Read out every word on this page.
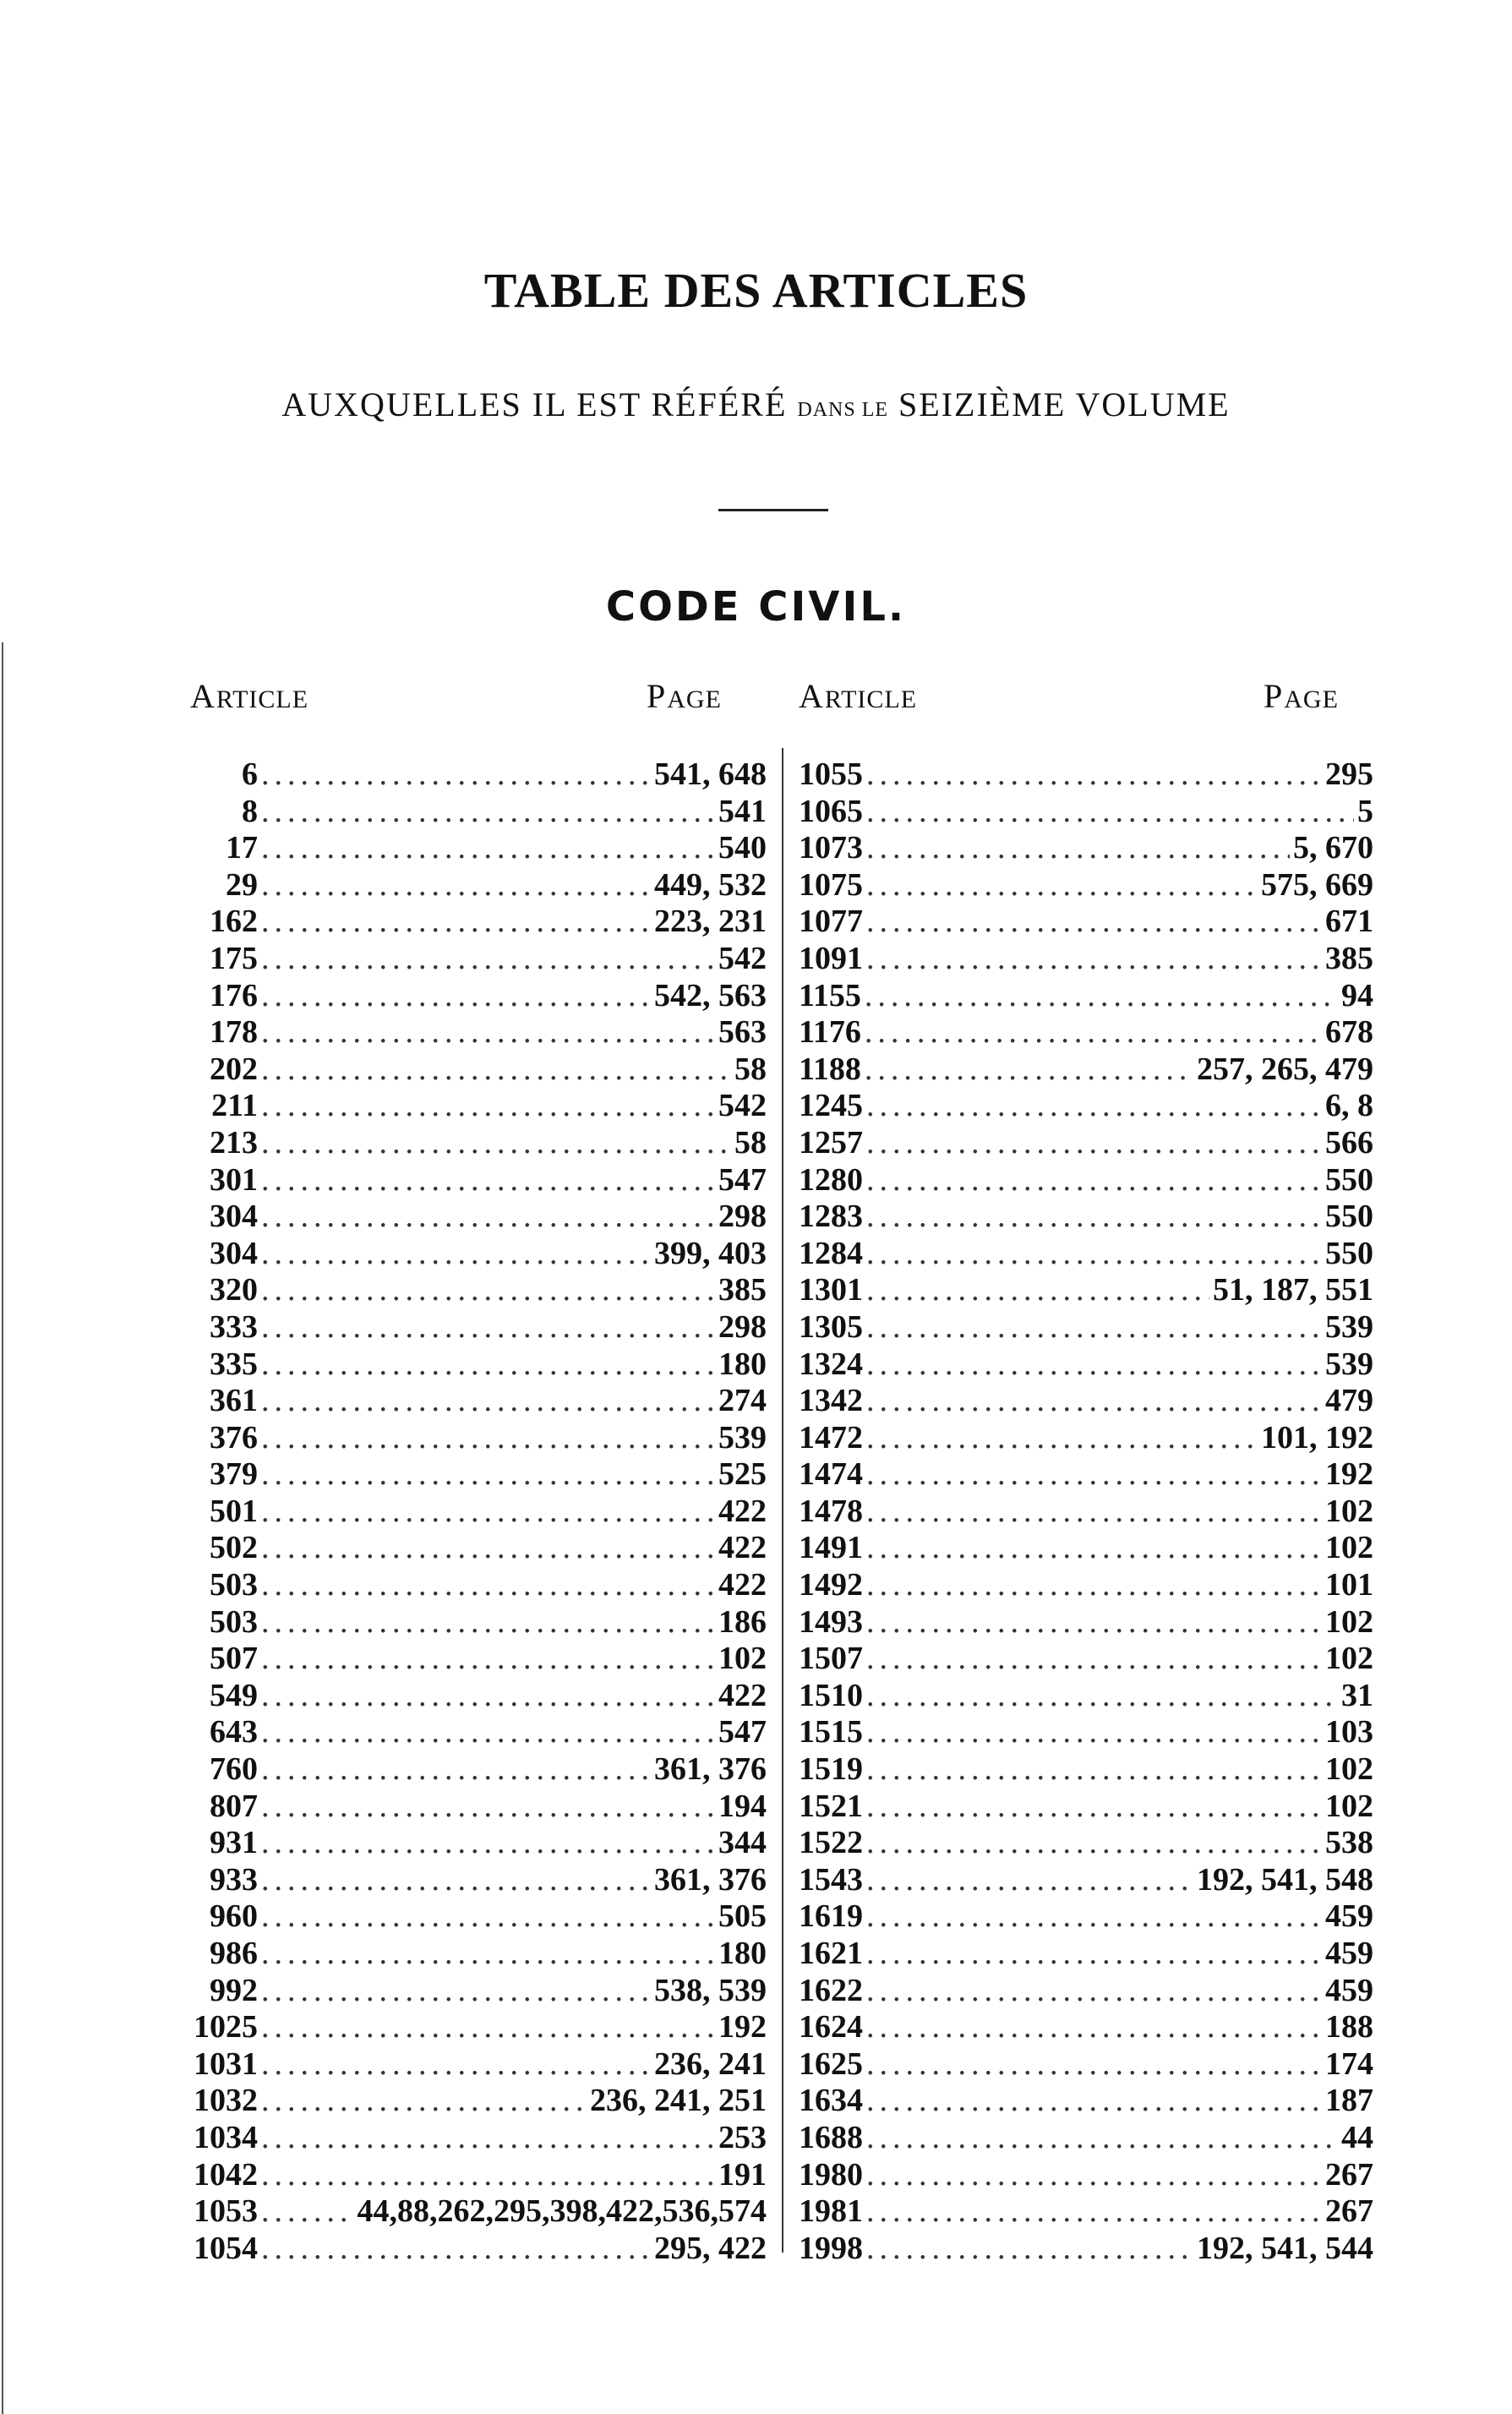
TABLE DES ARTICLES
AUXQUELLES IL EST RÉFÉRÉ DANS LE SEIZIÈME VOLUME
CODE CIVIL.
ARTICLE	PAGE ARTICLE	PAGE
6 .....	541, 648
8 .....	541
17 .....	540
29 .....	449, 532
162 .....	223, 231
175 .....	542
176 .....	542, 563
178 .....	563
202 .....	58
211 .....	542
213 .....	58
301 .....	547
304 .....	298
304 .....	399, 403
320 .....	385
333 .....	298
335 .....	180
361 .....	274
376 .....	539
379 .....	525
501 .....	422
502 .....	422
503 .....	422
503 .....	186
507 .....	102
549 .....	422
643 .....	547
760 .....	361, 376
807 .....	194
931 .....	344
933 .....	361, 376
960 .....	505
986 .....	180
992 .....	538, 539
1025 .....	192
1031 .....	236, 241
1032 .....	236, 241, 251
1034 .....	253
1042 .....	191
1053 .....	44,88,262,295,398,422,536,574
1054 .....	295, 422
1055 .....	295
1065 .....	5
1073 .....	5, 670
1075 .....	575, 669
1077 .....	671
1091 .....	385
1155 .....	94
1176 .....	678
1188 .....	257, 265, 479
1245 .....	6, 8
1257 .....	566
1280 .....	550
1283 .....	550
1284 .....	550
1301 .....	51, 187, 551
1305 .....	539
1324 .....	539
1342 .....	479
1472 .....	101, 192
1474 .....	192
1478 .....	102
1491 .....	102
1492 .....	101
1493 .....	102
1507 .....	102
1510 .....	31
1515 .....	103
1519 .....	102
1521 .....	102
1522 .....	538
1543 .....	192, 541, 548
1619 .....	459
1621 .....	459
1622 .....	459
1624 .....	188
1625 .....	174
1634 .....	187
1688 .....	44
1980 .....	267
1981 .....	267
1998 .....	192, 541, 544
